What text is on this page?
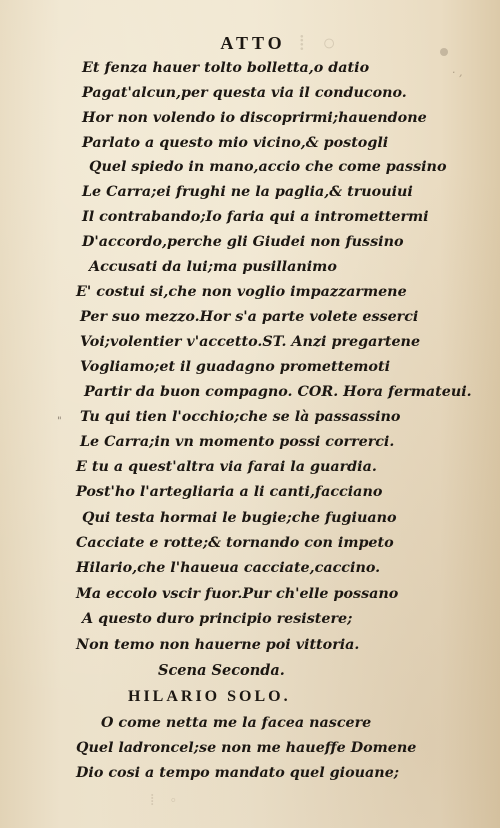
○ ⁞ ○
⁞ ◦
· ,
"
ATTO
Et fenza hauer tolto bolletta,o datio
Pagat'alcun,per questa via il conducono.
Hor non volendo io discoprirmi;hauendone
Parlato a questo mio vicino,& postogli
Quel spiedo in mano,accio che come passino
Le Carra;ei frughi ne la paglia,& truouiui
Il contrabando;Io faria qui a intromettermi
D'accordo,perche gli Giudei non fussino
Accusati da lui;ma pusillanimo
E' costui si,che non voglio impazzarmene
Per suo mezzo.Hor s'a parte volete esserci
Voi;volentier v'accetto.ST. Anzi pregartene
Vogliamo;et il guadagno promettemoti
Partir da buon compagno. COR. Hora fermateui.
Tu qui tien l'occhio;che se là passassino
Le Carra;in vn momento possi correrci.
E tu a quest'altra via farai la guardia.
Post'ho l'artegliaria a li canti,facciano
Qui testa hormai le bugie;che fugiuano
Cacciate e rotte;& tornando con impeto
Hilario,che l'haueua cacciate,caccino.
Ma eccolo vscir fuor.Pur ch'elle possano
A questo duro principio resistere;
Non temo non hauerne poi vittoria.
Scena Seconda.
HILARIO SOLO.
O come netta me la facea nascere
Quel ladroncel;se non me haueffe Domene
Dio cosi a tempo mandato quel giouane;
